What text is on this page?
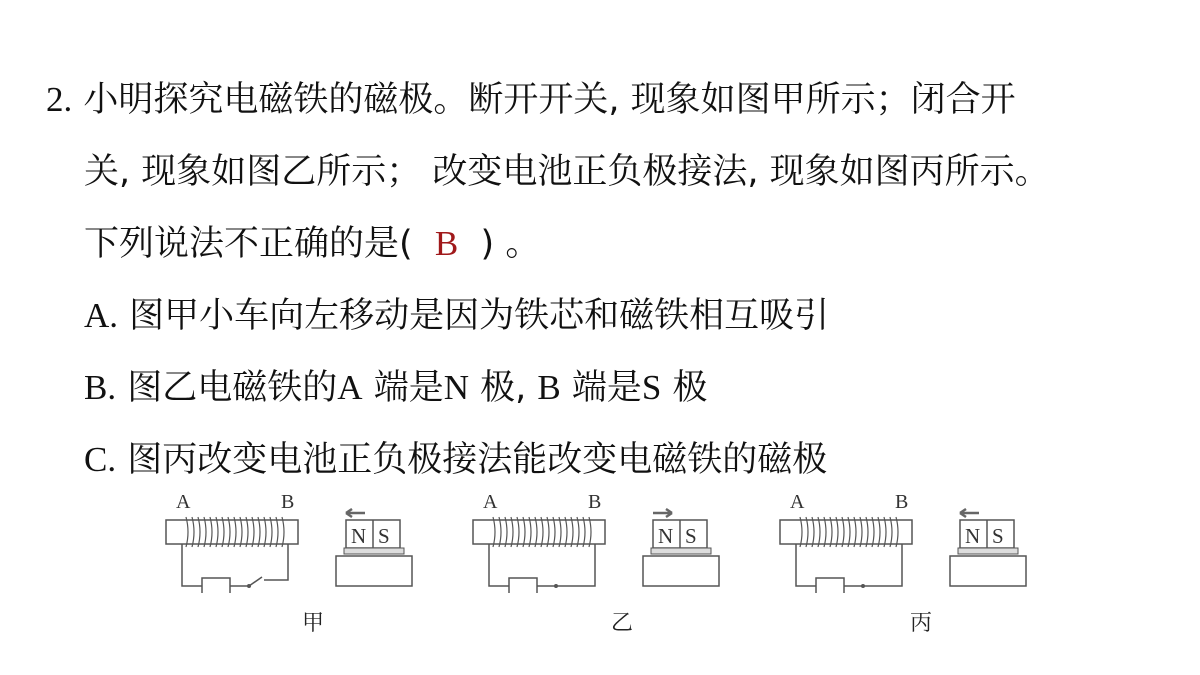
2. 小明探究电磁铁的磁极。断开开关, 现象如图甲所示；闭合开
关, 现象如图乙所示； 改变电池正负极接法, 现象如图丙所示。
下列说法不正确的是( B ) 。
A. 图甲小车向左移动是因为铁芯和磁铁相互吸引
B. 图乙电磁铁的A 端是N 极, B 端是S 极
C. 图丙改变电池正负极接法能改变电磁铁的磁极
A	B
N S
A	B
N S
A	B
N S
甲	乙	丙
